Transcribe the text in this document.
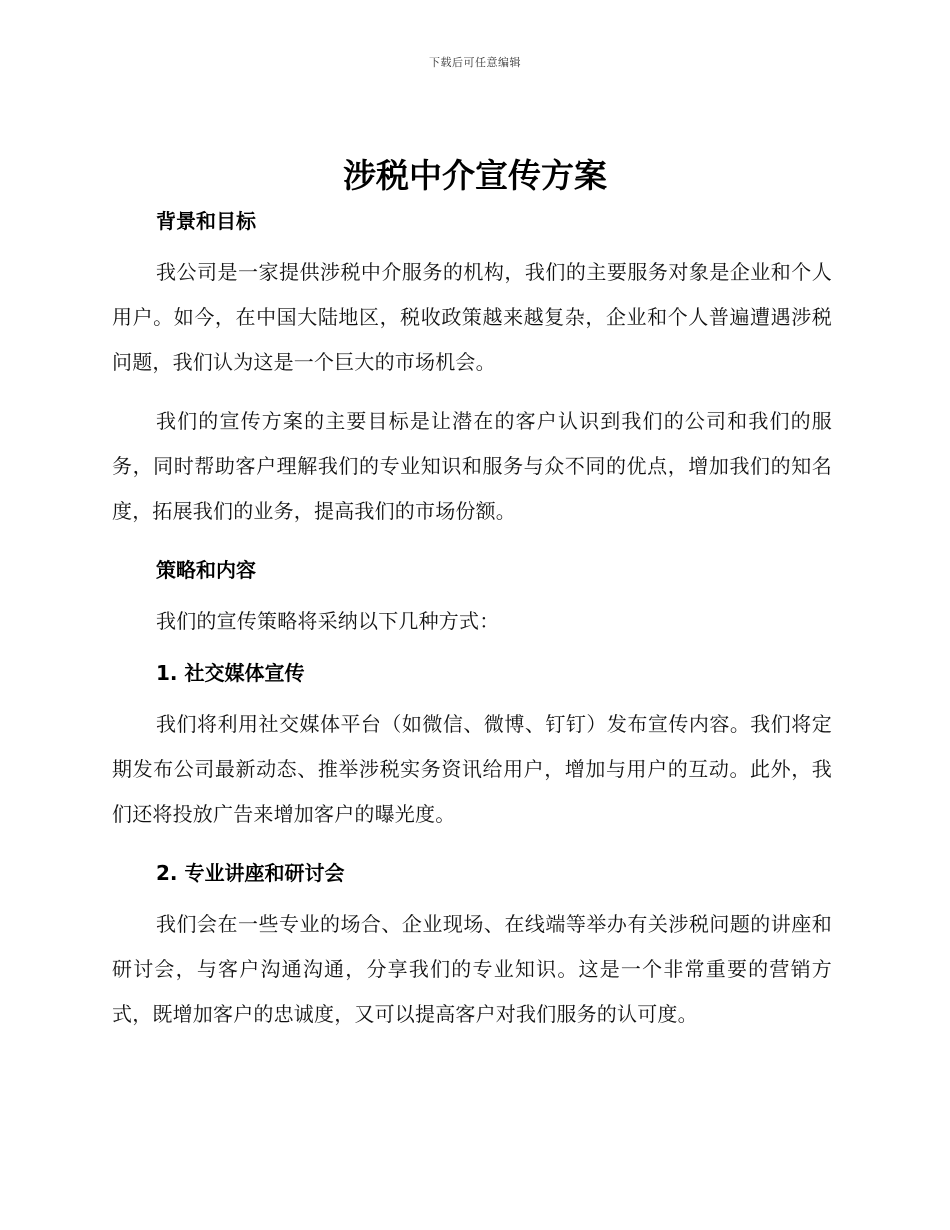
下载后可任意编辑
涉税中介宣传方案
背景和目标

我公司是一家提供涉税中介服务的机构，我们的主要服务对象是企业和个人用户。如今，在中国大陆地区，税收政策越来越复杂，企业和个人普遍遭遇涉税问题，我们认为这是一个巨大的市场机会。

我们的宣传方案的主要目标是让潜在的客户认识到我们的公司和我们的服务，同时帮助客户理解我们的专业知识和服务与众不同的优点，增加我们的知名度，拓展我们的业务，提高我们的市场份额。

策略和内容

我们的宣传策略将采纳以下几种方式：

1. 社交媒体宣传

我们将利用社交媒体平台（如微信、微博、钉钉）发布宣传内容。我们将定期发布公司最新动态、推举涉税实务资讯给用户，增加与用户的互动。此外，我们还将投放广告来增加客户的曝光度。

2. 专业讲座和研讨会

我们会在一些专业的场合、企业现场、在线端等举办有关涉税问题的讲座和研讨会，与客户沟通沟通，分享我们的专业知识。这是一个非常重要的营销方式，既增加客户的忠诚度，又可以提高客户对我们服务的认可度。
